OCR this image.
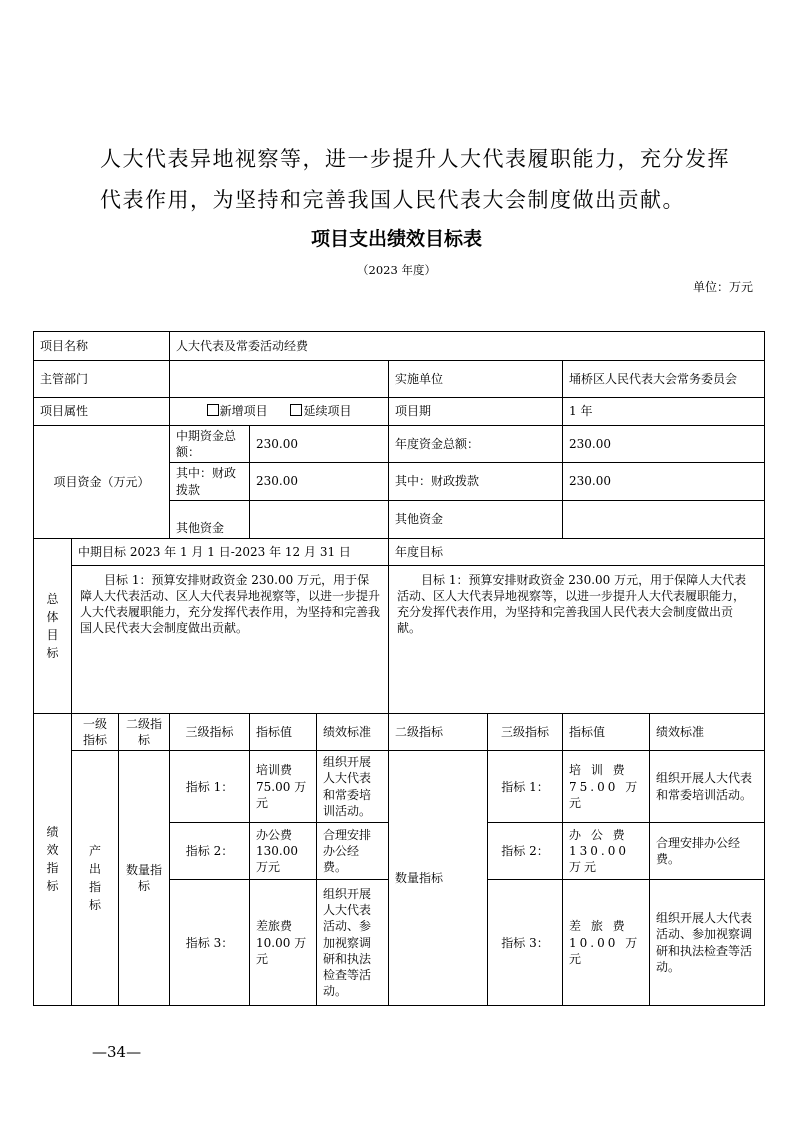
人大代表异地视察等，进一步提升人大代表履职能力，充分发挥
代表作用，为坚持和完善我国人民代表大会制度做出贡献。
项目支出绩效目标表
（2023 年度）
单位：万元
项目名称			人大代表及常委活动经费						
主管部门						实施单位		埇桥区人民代表大会常务委员会	
项目属性			新增项目 延续项目			项目期		1 年	
项目资金（万元）			中期资金总额：	230.00		年度资金总额：		230.00	
			其中：财政拨款	230.00		其中：财政拨款		230.00	
			其他资金			其他资金			
总体目标	中期目标 2023 年 1 月 1 日-2023 年 12 月 31 日					年度目标			
	目标 1：预算安排财政资金 230.00 万元，用于保障人大代表活动、区人大代表异地视察等，以进一步提升人大代表履职能力，充分发挥代表作用，为坚持和完善我国人民代表大会制度做出贡献。					目标 1：预算安排财政资金 230.00 万元，用于保障人大代表活动、区人大代表异地视察等，以进一步提升人大代表履职能力，充分发挥代表作用，为坚持和完善我国人民代表大会制度做出贡献。			
绩效指标	一级指标	二级指标	三级指标	指标值	绩效标准	二级指标	三级指标	指标值	绩效标准
	产出指标	数量指标	指标 1：	培训费 75.00 万元	组织开展人大代表和常委培训活动。	数量指标	指标 1：	培 训 费 75.00 万元	组织开展人大代表和常委培训活动。
			指标 2：	办公费 130.00 万元	合理安排办公经费。		指标 2：	办 公 费 130.00 万元	合理安排办公经费。
			指标 3：	差旅费 10.00 万元	组织开展人大代表活动、参加视察调研和执法检查等活动。		指标 3：	差 旅 费 10.00 万元	组织开展人大代表活动、参加视察调研和执法检查等活动。
—34—
